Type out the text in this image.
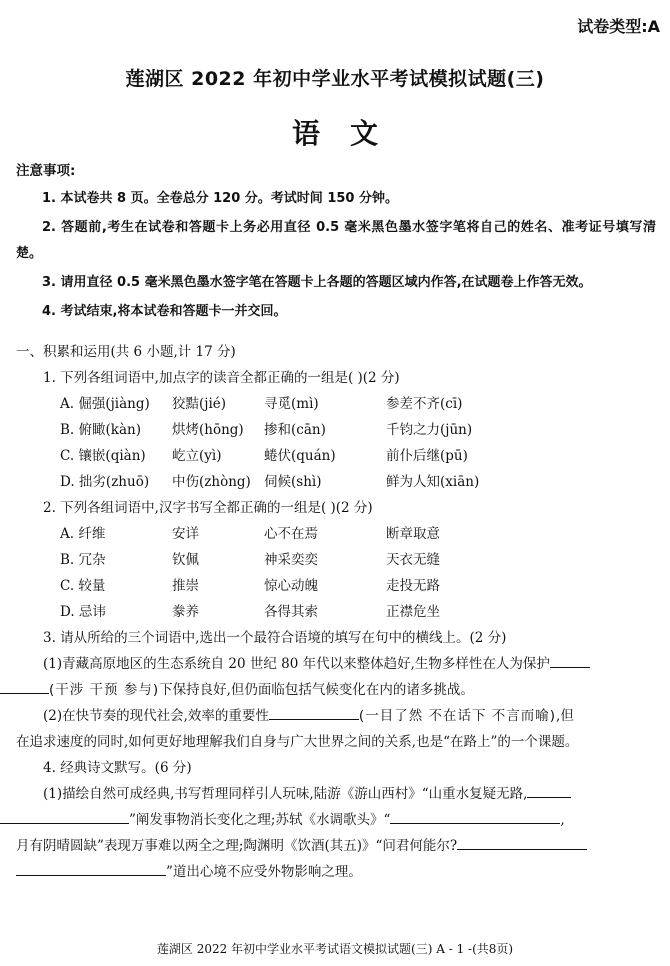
试卷类型:A
莲湖区 2022 年初中学业水平考试模拟试题(三)
语文
注意事项:
1. 本试卷共 8 页。全卷总分 120 分。考试时间 150 分钟。
2. 答题前,考生在试卷和答题卡上务必用直径 0.5 毫米黑色墨水签字笔将自己的姓名、准考证号填写清楚。
3. 请用直径 0.5 毫米黑色墨水签字笔在答题卡上各题的答题区域内作答,在试题卷上作答无效。
4. 考试结束,将本试卷和答题卡一并交回。
一、积累和运用(共 6 小题,计 17 分)
1. 下列各组词语中,加点字的读音全都正确的一组是( )(2 分)
A. 倔强(jiàng)	狡黠(jié)	寻觅(mì)	参差不齐(cī)
B. 俯瞰(kàn)	烘烤(hōng)	掺和(cān)	千钧之力(jūn)
C. 镶嵌(qiàn)	屹立(yì)	蜷伏(quán)	前仆后继(pū)
D. 拙劣(zhuō)	中伤(zhòng) 伺候(shì)	鲜为人知(xiān)
2. 下列各组词语中,汉字书写全都正确的一组是( )(2 分)
A. 纤维	安详	心不在焉	断章取意
B. 冗杂	钦佩	神采奕奕	天衣无缝
C. 较量	推崇	惊心动魄	走投无路
D. 忌讳	豢养	各得其索	正襟危坐
3. 请从所给的三个词语中,选出一个最符合语境的填写在句中的横线上。(2 分)
(1)青藏高原地区的生态系统自 20 世纪 80 年代以来整体趋好,生物多样性在人为保护
(干涉 干预 参与)下保持良好,但仍面临包括气候变化在内的诸多挑战。
(2)在快节奏的现代社会,效率的重要性	(一目了然 不在话下 不言而喻),但
在追求速度的同时,如何更好地理解我们自身与广大世界之间的关系,也是“在路上”的一个课题。
4. 经典诗文默写。(6 分)
(1)描绘自然可成经典,书写哲理同样引人玩味,陆游《游山西村》“山重水复疑无路,
”阐发事物消长变化之理;苏轼《水调歌头》“	,
月有阴晴圆缺”表现万事难以两全之理;陶渊明《饮酒(其五)》“问君何能尔?
”道出心境不应受外物影响之理。
莲湖区 2022 年初中学业水平考试语文模拟试题(三) A - 1 -(共8页)
